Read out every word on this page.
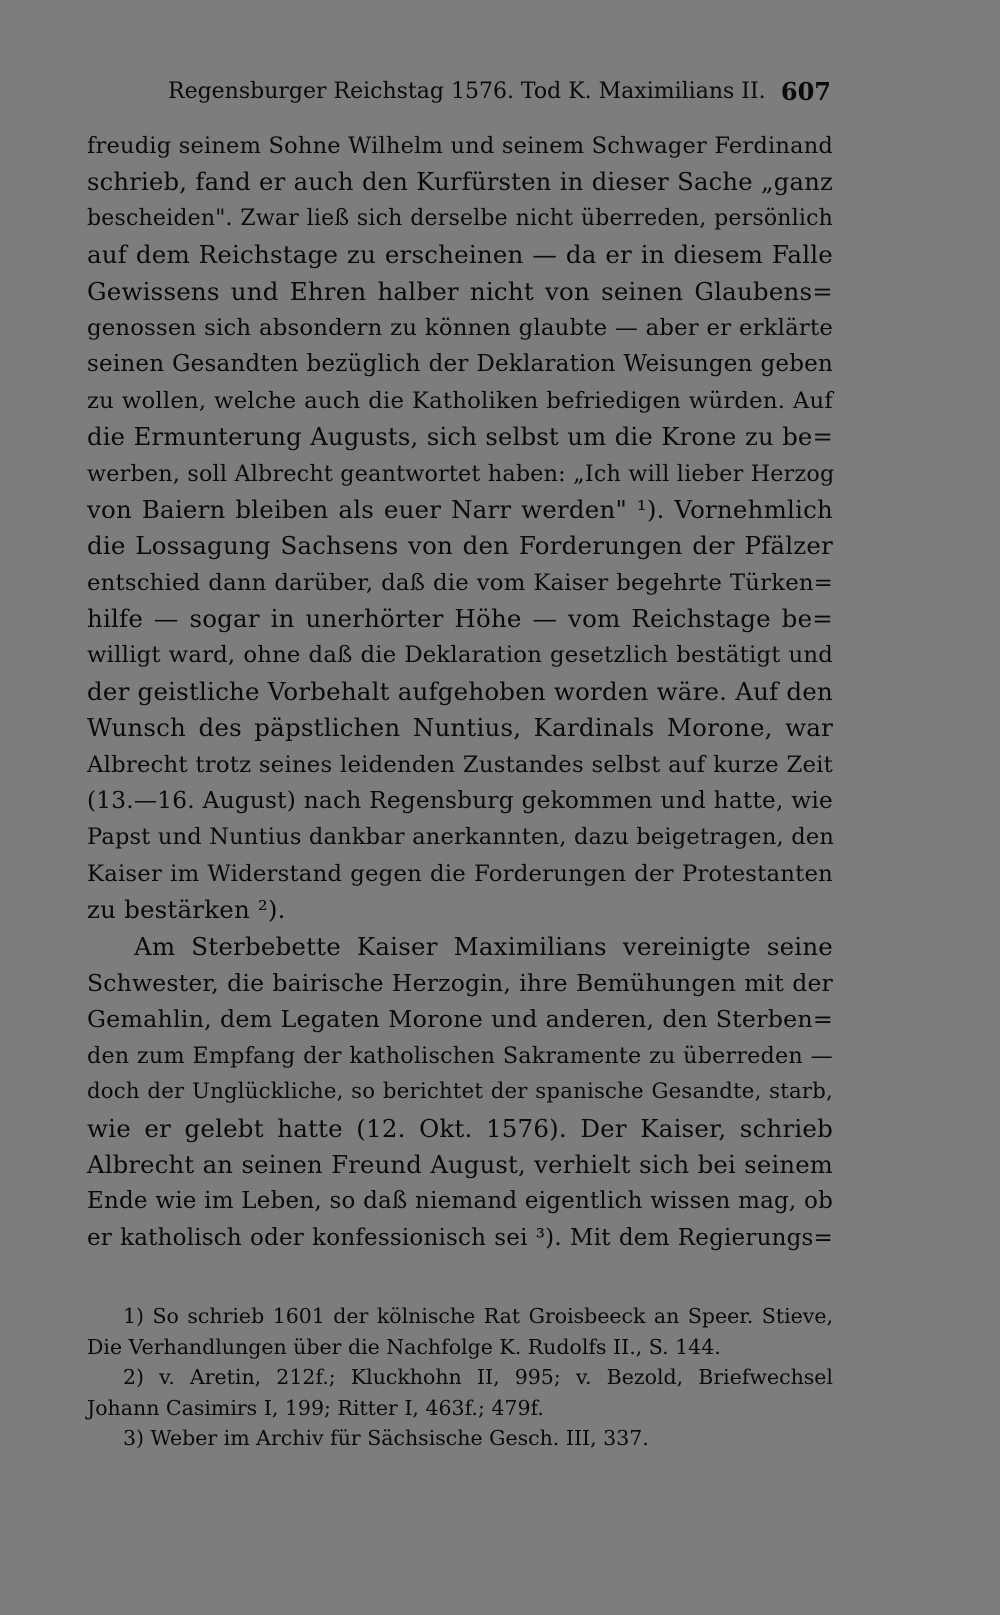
Regensburger Reichstag 1576. Tod K. Maximilians II. 607
freudig seinem Sohne Wilhelm und seinem Schwager Ferdinand
schrieb, fand er auch den Kurfürsten in dieser Sache „ganz
bescheiden". Zwar ließ sich derselbe nicht überreden, persönlich
auf dem Reichstage zu erscheinen — da er in diesem Falle
Gewissens und Ehren halber nicht von seinen Glaubens=
genossen sich absondern zu können glaubte — aber er erklärte
seinen Gesandten bezüglich der Deklaration Weisungen geben
zu wollen, welche auch die Katholiken befriedigen würden. Auf
die Ermunterung Augusts, sich selbst um die Krone zu be=
werben, soll Albrecht geantwortet haben: „Ich will lieber Herzog
von Baiern bleiben als euer Narr werden" ¹). Vornehmlich
die Lossagung Sachsens von den Forderungen der Pfälzer
entschied dann darüber, daß die vom Kaiser begehrte Türken=
hilfe — sogar in unerhörter Höhe — vom Reichstage be=
willigt ward, ohne daß die Deklaration gesetzlich bestätigt und
der geistliche Vorbehalt aufgehoben worden wäre. Auf den
Wunsch des päpstlichen Nuntius, Kardinals Morone, war
Albrecht trotz seines leidenden Zustandes selbst auf kurze Zeit
(13.—16. August) nach Regensburg gekommen und hatte, wie
Papst und Nuntius dankbar anerkannten, dazu beigetragen, den
Kaiser im Widerstand gegen die Forderungen der Protestanten
zu bestärken ²).
Am Sterbebette Kaiser Maximilians vereinigte seine
Schwester, die bairische Herzogin, ihre Bemühungen mit der
Gemahlin, dem Legaten Morone und anderen, den Sterben=
den zum Empfang der katholischen Sakramente zu überreden —
doch der Unglückliche, so berichtet der spanische Gesandte, starb,
wie er gelebt hatte (12. Okt. 1576). Der Kaiser, schrieb
Albrecht an seinen Freund August, verhielt sich bei seinem
Ende wie im Leben, so daß niemand eigentlich wissen mag, ob
er katholisch oder konfessionisch sei ³). Mit dem Regierungs=
1) So schrieb 1601 der kölnische Rat Groisbeeck an Speer. Stieve,
Die Verhandlungen über die Nachfolge K. Rudolfs II., S. 144.
2) v. Aretin, 212f.; Kluckhohn II, 995; v. Bezold, Briefwechsel
Johann Casimirs I, 199; Ritter I, 463f.; 479f.
3) Weber im Archiv für Sächsische Gesch. III, 337.
